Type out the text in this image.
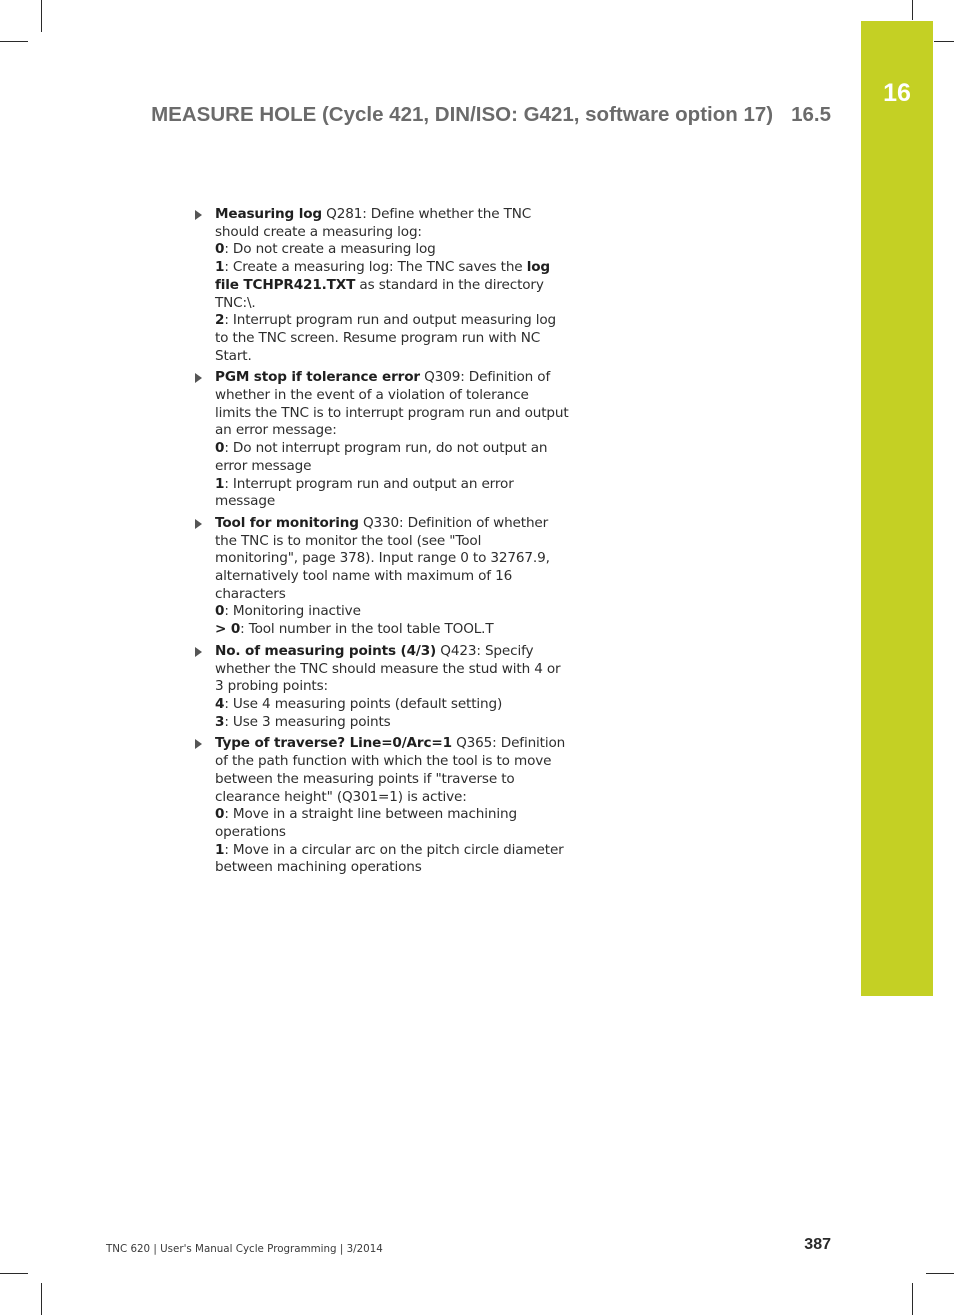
16
MEASURE HOLE (Cycle 421, DIN/ISO: G421, software option 17) 16.5
Measuring log Q281: Define whether the TNC
should create a measuring log:
0: Do not create a measuring log
1: Create a measuring log: The TNC saves the log
file TCHPR421.TXT as standard in the directory
TNC:\.
2: Interrupt program run and output measuring log
to the TNC screen. Resume program run with NC
Start.
PGM stop if tolerance error Q309: Definition of
whether in the event of a violation of tolerance
limits the TNC is to interrupt program run and output
an error message:
0: Do not interrupt program run, do not output an
error message
1: Interrupt program run and output an error
message
Tool for monitoring Q330: Definition of whether
the TNC is to monitor the tool (see "Tool
monitoring", page 378). Input range 0 to 32767.9,
alternatively tool name with maximum of 16
characters
0: Monitoring inactive
> 0: Tool number in the tool table TOOL.T
No. of measuring points (4/3) Q423: Specify
whether the TNC should measure the stud with 4 or
3 probing points:
4: Use 4 measuring points (default setting)
3: Use 3 measuring points
Type of traverse? Line=0/Arc=1 Q365: Definition
of the path function with which the tool is to move
between the measuring points if "traverse to
clearance height" (Q301=1) is active:
0: Move in a straight line between machining
operations
1: Move in a circular arc on the pitch circle diameter
between machining operations
TNC 620 | User's Manual Cycle Programming | 3/2014	387
